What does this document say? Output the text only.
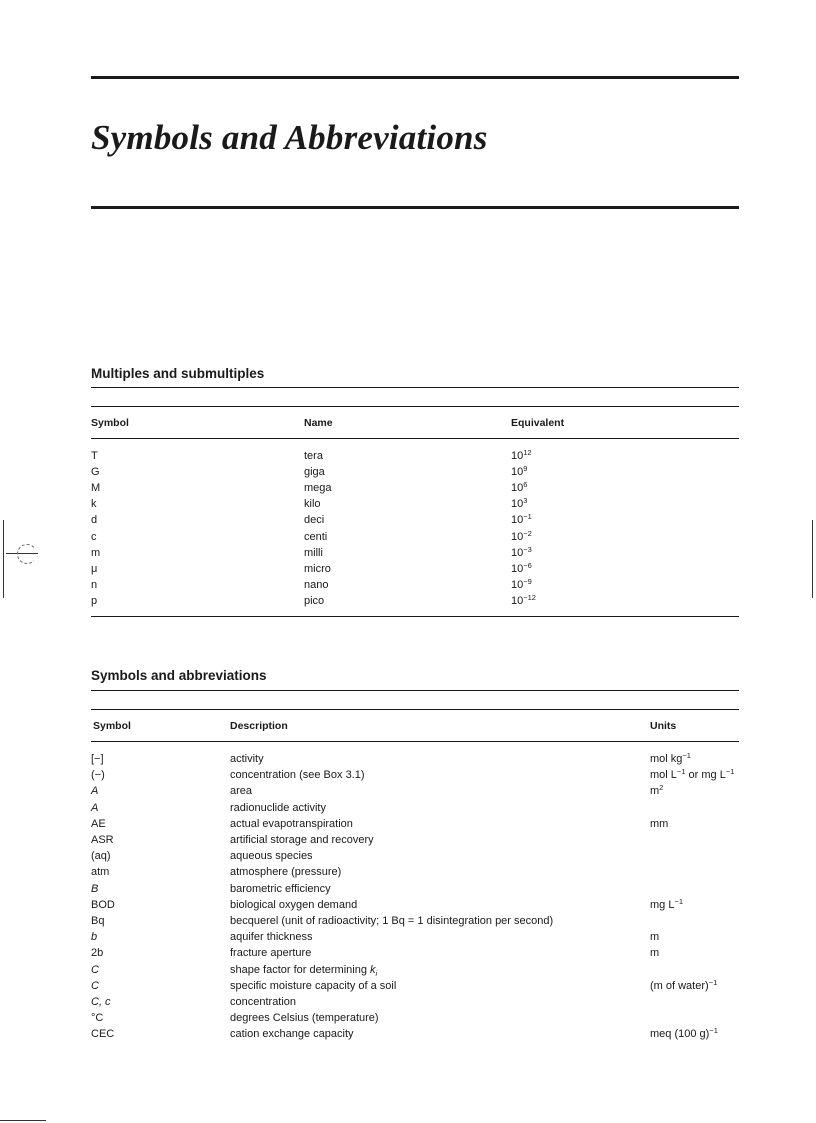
Symbols and Abbreviations
Multiples and submultiples
Symbol	Name	Equivalent
T	tera	$10^{12}$
G	giga	$10^9$
M	mega	$10^6$
k	kilo	$10^3$
d	deci	$10^{-1}$
c	centi	$10^{-2}$
m	milli	$10^{-3}$
μ	micro	$10^{-6}$
n	nano	$10^{-9}$
p	pico	$10^{-12}$
Symbols and abbreviations
Symbol	Description	Units
[−]	activity	mol $kg^{-1}$
(−)	concentration (see Box 3.1)	mol $L^{-1}$ or mg $L^{-1}$
A	area	$m^2$
A	radionuclide activity
AE	actual evapotranspiration	mm
ASR	artificial storage and recovery
(aq)	aqueous species
atm	atmosphere (pressure)
B	barometric efficiency
BOD	biological oxygen demand	mg $L^{-1}$
Bq	becquerel (unit of radioactivity; 1 Bq = 1 disintegration per second)
b	aquifer thickness	m
2b	fracture aperture	m
C	shape factor for determining $k_i$
C	specific moisture capacity of a soil	(m of water)$^{-1}$
C, c	concentration
°C	degrees Celsius (temperature)
CEC	cation exchange capacity	meq (100 g)$^{-1}$
